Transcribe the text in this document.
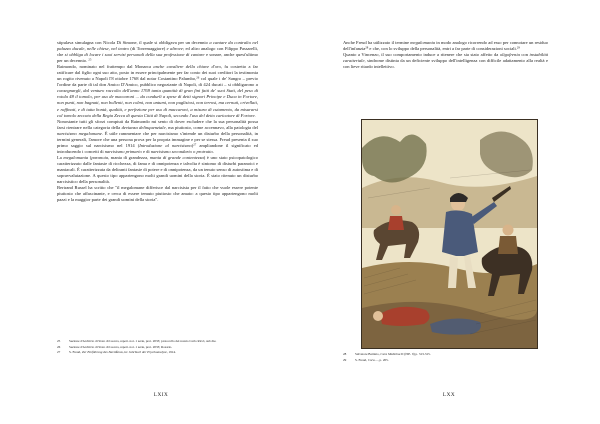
stipulava simulagna con Nicola Di Simone, il quale si obbligava per un decennio a cantare da contralto nel palazzo ducale, nelle chiese, nel teatro (di Torremaggiore) e altrove; ed altro analogo con Filippo Passarelli, che si obbliga di locare i suoi servizi personali della sua professione di cantare e sonare, anche quest'ultimo per un decennio. $^{25}$

Raimondo, nominato nel frattempo dal Monarca anche cavaliere della chiave d'oro, fu costretto a far ratificare dal figlio ogni suo atto, posto in essere principalmente per far conto dei suoi creditori la testimonia un rogito rivenuto a Napoli l'8 ottobre 1768 dal notar Costantino Palumbo,$^{26}$ col quale i de' Sangro – previo l'ordine da parte di tal don Amico D'Amico, pubblico negoziante di Napoli, di 424 ducati – si obbligarono a consegnargli, dal venturo raccolto dell'anno 1769 tanta quantità di gran fini fatti de' suoi Stati, del peso di rotola 48 il tomolo, per uso de maccaroni ... da condurli a spese di detti signori Principe e Duca in Fortore, non punti, non bagnati, non bollenti, non colmi, non untumi, non puglisiosi, non terrosi, ma cernuti, crivellati, e raffinati, e di tutta bontà, qualità, e perfezione per uso di maccaroni, a misura di cutamento, da misurarsi col tomolo zeccato della Regia Zecca di questa Città di Napoli, secondo l'uso del detto caricatore di Fortore.

Nonostante tutti gli sforzi compiuti da Raimondo mi sento di dover escludere che la sua personalità possa farsi rientrare nella categoria della devianza delinquenziale, ma piuttosto, come accennavo, alla patologia del narcisismo megalomane. È utile rammentare che per narcisismo s'intende un disturbo della personalità, in termini generali, l'amore che una persona prova per la propria immagine e per se stessa. Freud presenta il suo primo saggio sul narcisismo nel 1914 (Introduzione al narcisismo)$^{27}$ ampliandone il significato ed introducendo i concetti di narcisismo primario e di narcisismo secondario o protrutto.

La megalomania (paranoia, mania di grandezza, mania di grande contentezza) è uno stato psicopatologico caratterizzato dalle fantasie di ricchezza, di fama e di onnipotenza e talvolta è sintomo di disturbi paranoici e maniacali. È caratterizzata da deliranti fantasie di potere e di onnipotenza, da un tenuto senso di autostima e di sopravvalutazione. A questo tipo appartengono molti grandi uomini della storia. È stato ritenuto un disturbo narcisistico della personalità.

Bertrand Russel ha scritto che "il megalomane differisce dal narcisista per il fatto che vuole essere potente piuttosto che affascinante, e cerca di essere temuto piuttosto che amato: a questo tipo appartengono molti pazzi e la maggior parte dei grandi uomini della storia".

25	Sezione d'Archivio di Stato di Lucera, repert. not. 1 serie, prot. 2033; protocollo dei notaio Carlo Ricci, sub die.
26	Sezione d'Archivio di Stato di Lucera, repert. not. 1 serie, prot. 2033; Rosario.
27	S. Freud, Zur Einführung des Narzißmus, in: Jahrbuch der Psychoanalyse, 1914.
LXIX

Anche Freud ha utilizzato il termine megalomania in modo analogo ricorrendo ad esso per connotare un residuo dell'infanzia$^{28}$ e che, con lo sviluppo della personalità, entri a far parte di considerazioni sociali.$^{29}$

Quanto a Vincenzo, il suo comportamento induce a ritenere che sia stato affetto da oligofrenia con instabilità caratteriale, sindrome distinta da un deficiente sviluppo dell'intelligenza con difficile adattamento alla realtà e con lieve ritardo intellettivo.

28	Salvatore Battiato, Cura Medicina II (ISE. 9) p. 313-315.
29	S. Freud, Cura ..., p. 205.
LXX
